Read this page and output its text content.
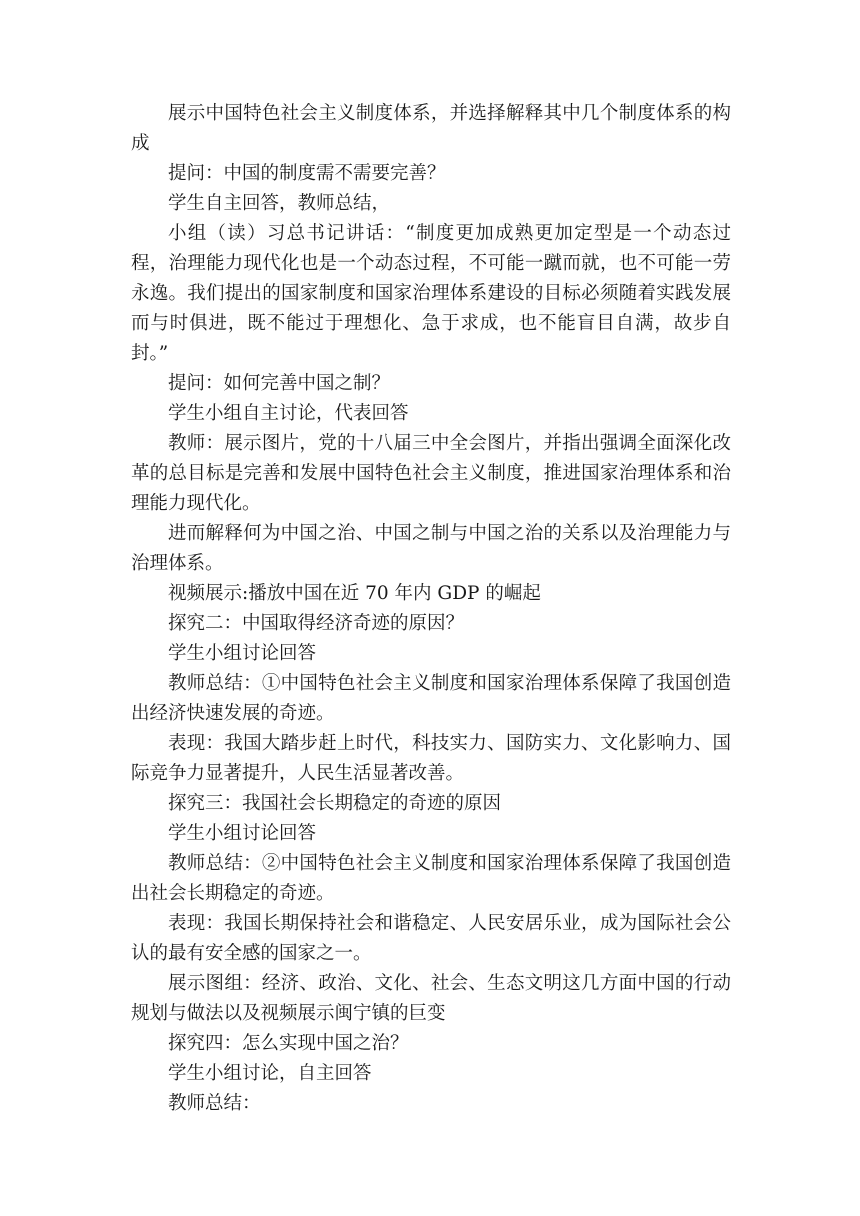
展示中国特色社会主义制度体系，并选择解释其中几个制度体系的构成

提问：中国的制度需不需要完善？

学生自主回答，教师总结，

小组（读）习总书记讲话：“制度更加成熟更加定型是一个动态过程，治理能力现代化也是一个动态过程，不可能一蹴而就，也不可能一劳永逸。我们提出的国家制度和国家治理体系建设的目标必须随着实践发展而与时俱进，既不能过于理想化、急于求成，也不能盲目自满，故步自封。”

提问：如何完善中国之制？

学生小组自主讨论，代表回答

教师：展示图片，党的十八届三中全会图片，并指出强调全面深化改革的总目标是完善和发展中国特色社会主义制度，推进国家治理体系和治理能力现代化。

进而解释何为中国之治、中国之制与中国之治的关系以及治理能力与治理体系。

视频展示:播放中国在近 70 年内 GDP 的崛起

探究二：中国取得经济奇迹的原因？

学生小组讨论回答

教师总结：①中国特色社会主义制度和国家治理体系保障了我国创造出经济快速发展的奇迹。

表现：我国大踏步赶上时代，科技实力、国防实力、文化影响力、国际竞争力显著提升，人民生活显著改善。

探究三：我国社会长期稳定的奇迹的原因

学生小组讨论回答

教师总结：②中国特色社会主义制度和国家治理体系保障了我国创造出社会长期稳定的奇迹。

表现：我国长期保持社会和谐稳定、人民安居乐业，成为国际社会公认的最有安全感的国家之一。

展示图组：经济、政治、文化、社会、生态文明这几方面中国的行动规划与做法以及视频展示闽宁镇的巨变

探究四：怎么实现中国之治？

学生小组讨论，自主回答

教师总结：
